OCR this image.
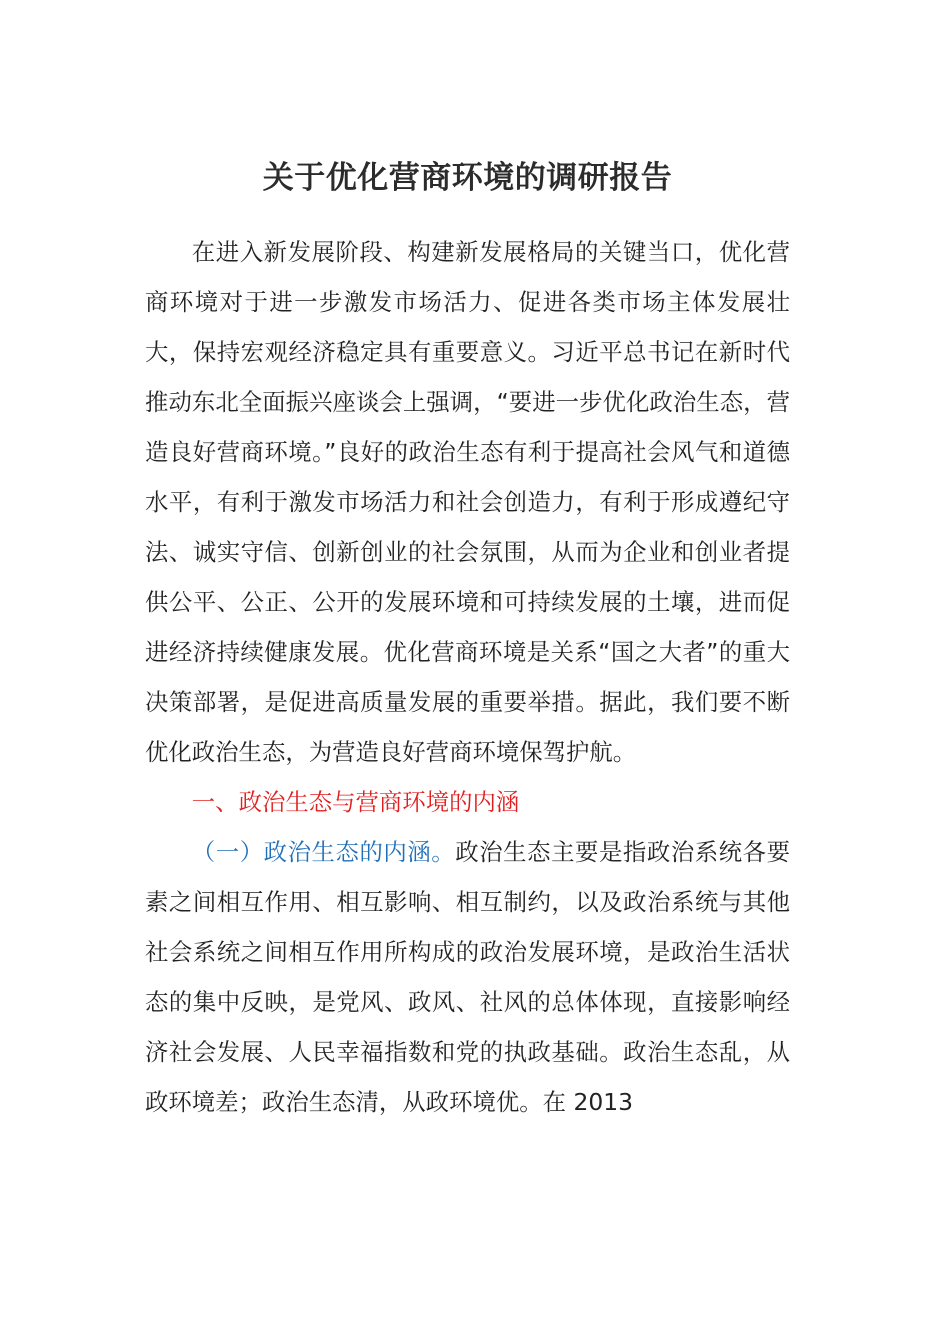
关于优化营商环境的调研报告

在进入新发展阶段、构建新发展格局的关键当口，优化营商环境对于进一步激发市场活力、促进各类市场主体发展壮大，保持宏观经济稳定具有重要意义。习近平总书记在新时代推动东北全面振兴座谈会上强调，“要进一步优化政治生态，营造良好营商环境。”良好的政治生态有利于提高社会风气和道德水平，有利于激发市场活力和社会创造力，有利于形成遵纪守法、诚实守信、创新创业的社会氛围，从而为企业和创业者提供公平、公正、公开的发展环境和可持续发展的土壤，进而促进经济持续健康发展。优化营商环境是关系“国之大者”的重大决策部署，是促进高质量发展的重要举措。据此，我们要不断优化政治生态，为营造良好营商环境保驾护航。

一、政治生态与营商环境的内涵

（一）政治生态的内涵。政治生态主要是指政治系统各要素之间相互作用、相互影响、相互制约，以及政治系统与其他社会系统之间相互作用所构成的政治发展环境，是政治生活状态的集中反映，是党风、政风、社风的总体体现，直接影响经济社会发展、人民幸福指数和党的执政基础。政治生态乱，从政环境差；政治生态清，从政环境优。在 2013
